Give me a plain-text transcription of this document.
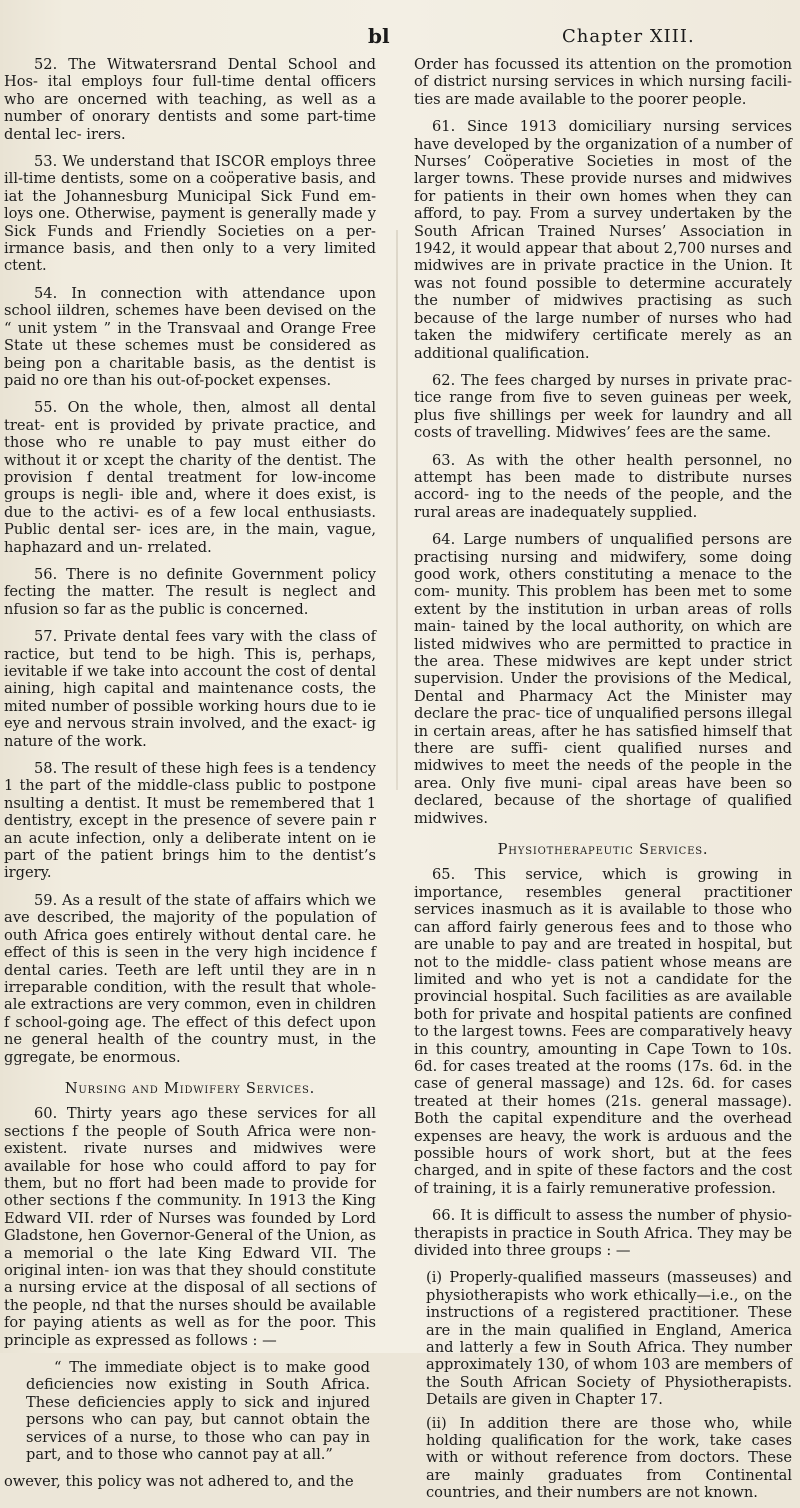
bl	Chapter XIII.

52. The Witwatersrand Dental School and Hos- ital employs four full-time dental officers who are oncerned with teaching, as well as a number of onorary dentists and some part-time dental lec- irers.

53. We understand that ISCOR employs three ill-time dentists, some on a coöperative basis, and iat the Johannesburg Municipal Sick Fund em- loys one. Otherwise, payment is generally made y Sick Funds and Friendly Societies on a per- irmance basis, and then only to a very limited ctent.

54. In connection with attendance upon school iildren, schemes have been devised on the “ unit ystem ” in the Transvaal and Orange Free State ut these schemes must be considered as being pon a charitable basis, as the dentist is paid no ore than his out-of-pocket expenses.

55. On the whole, then, almost all dental treat- ent is provided by private practice, and those who re unable to pay must either do without it or xcept the charity of the dentist. The provision f dental treatment for low-income groups is negli- ible and, where it does exist, is due to the activi- es of a few local enthusiasts. Public dental ser- ices are, in the main, vague, haphazard and un- rrelated.

56. There is no definite Government policy fecting the matter. The result is neglect and nfusion so far as the public is concerned.

57. Private dental fees vary with the class of ractice, but tend to be high. This is, perhaps, ievitable if we take into account the cost of dental aining, high capital and maintenance costs, the mited number of possible working hours due to ie eye and nervous strain involved, and the exact- ig nature of the work.

58. The result of these high fees is a tendency 1 the part of the middle-class public to postpone nsulting a dentist. It must be remembered that 1 dentistry, except in the presence of severe pain r an acute infection, only a deliberate intent on ie part of the patient brings him to the dentist’s irgery.

59. As a result of the state of affairs which we ave described, the majority of the population of outh Africa goes entirely without dental care. he effect of this is seen in the very high incidence f dental caries. Teeth are left until they are in n irreparable condition, with the result that whole- ale extractions are very common, even in children f school-going age. The effect of this defect upon ne general health of the country must, in the ggregate, be enormous.

Nursing and Midwifery Services.

60. Thirty years ago these services for all sections f the people of South Africa were non-existent. rivate nurses and midwives were available for hose who could afford to pay for them, but no ffort had been made to provide for other sections f the community. In 1913 the King Edward VII. rder of Nurses was founded by Lord Gladstone, hen Governor-General of the Union, as a memorial o the late King Edward VII. The original inten- ion was that they should constitute a nursing ervice at the disposal of all sections of the people, nd that the nurses should be available for paying atients as well as for the poor. This principle as expressed as follows : —

“ The immediate object is to make good deficiencies now existing in South Africa. These deficiencies apply to sick and injured persons who can pay, but cannot obtain the services of a nurse, to those who can pay in part, and to those who cannot pay at all.”

owever, this policy was not adhered to, and the

Order has focussed its attention on the promotion of district nursing services in which nursing facili- ties are made available to the poorer people.

61. Since 1913 domiciliary nursing services have developed by the organization of a number of Nurses’ Coöperative Societies in most of the larger towns. These provide nurses and midwives for patients in their own homes when they can afford, to pay. From a survey undertaken by the South African Trained Nurses’ Association in 1942, it would appear that about 2,700 nurses and midwives are in private practice in the Union. It was not found possible to determine accurately the number of midwives practising as such because of the large number of nurses who had taken the midwifery certificate merely as an additional qualification.

62. The fees charged by nurses in private prac- tice range from five to seven guineas per week, plus five shillings per week for laundry and all costs of travelling. Midwives’ fees are the same.

63. As with the other health personnel, no attempt has been made to distribute nurses accord- ing to the needs of the people, and the rural areas are inadequately supplied.

64. Large numbers of unqualified persons are practising nursing and midwifery, some doing good work, others constituting a menace to the com- munity. This problem has been met to some extent by the institution in urban areas of rolls main- tained by the local authority, on which are listed midwives who are permitted to practice in the area. These midwives are kept under strict supervision. Under the provisions of the Medical, Dental and Pharmacy Act the Minister may declare the prac- tice of unqualified persons illegal in certain areas, after he has satisfied himself that there are suffi- cient qualified nurses and midwives to meet the needs of the people in the area. Only five muni- cipal areas have been so declared, because of the shortage of qualified midwives.

Physiotherapeutic Services.

65. This service, which is growing in importance, resembles general practitioner services inasmuch as it is available to those who can afford fairly generous fees and to those who are unable to pay and are treated in hospital, but not to the middle- class patient whose means are limited and who yet is not a candidate for the provincial hospital. Such facilities as are available both for private and hospital patients are confined to the largest towns. Fees are comparatively heavy in this country, amounting in Cape Town to 10s. 6d. for cases treated at the rooms (17s. 6d. in the case of general massage) and 12s. 6d. for cases treated at their homes (21s. general massage). Both the capital expenditure and the overhead expenses are heavy, the work is arduous and the possible hours of work short, but at the fees charged, and in spite of these factors and the cost of training, it is a fairly remunerative profession.

66. It is difficult to assess the number of physio- therapists in practice in South Africa. They may be divided into three groups : —

(i) Properly-qualified masseurs (masseuses) and physiotherapists who work ethically—i.e., on the instructions of a registered practitioner. These are in the main qualified in England, America and latterly a few in South Africa. They number approximately 130, of whom 103 are members of the South African Society of Physiotherapists. Details are given in Chapter 17.

(ii) In addition there are those who, while holding qualification for the work, take cases with or without reference from doctors. These are mainly graduates from Continental countries, and their numbers are not known.
